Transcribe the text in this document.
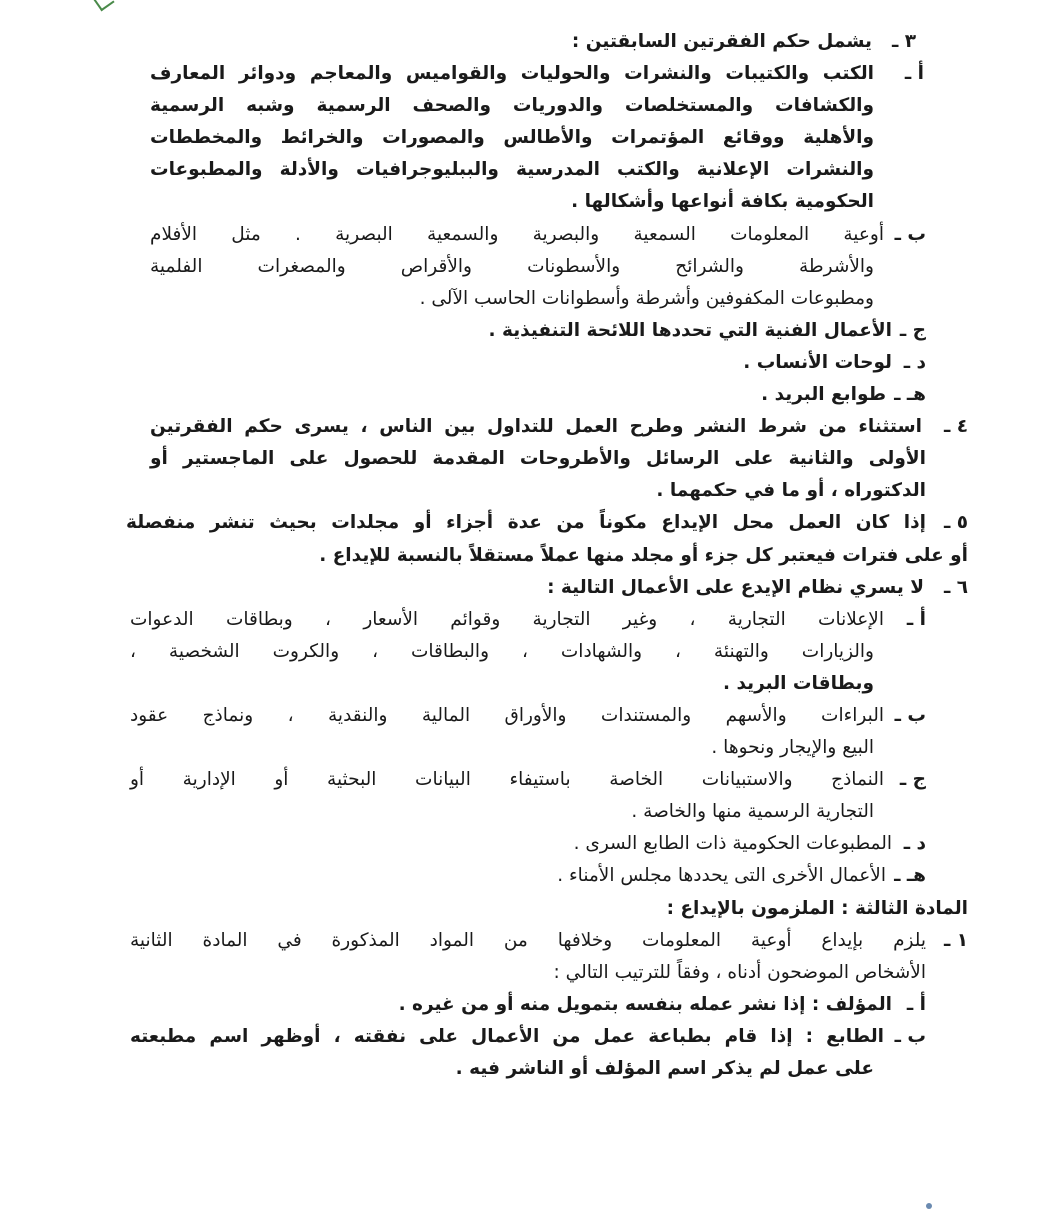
٣ ـ
يشمل حكم الفقرتين السابقتين :
أ ـ
الكتب والكتيبات والنشرات والحوليات والقواميس والمعاجم ودوائر المعارف
والكشافات والمستخلصات والدوريات والصحف الرسمية وشبه الرسمية
والأهلية ووقائع المؤتمرات والأطالس والمصورات والخرائط والمخططات
والنشرات الإعلانية والكتب المدرسية والببليوجرافيات والأدلة والمطبوعات
الحكومية بكافة أنواعها وأشكالها .
ب ـ
أوعية المعلومات السمعية والبصرية والسمعية البصرية . مثل الأفلام
والأشرطة والشرائح والأسطونات والأقراص والمصغرات الفلمية
ومطبوعات المكفوفين وأشرطة وأسطوانات الحاسب الآلى .
ج ـ
الأعمال الفنية التي تحددها اللائحة التنفيذية .
د ـ
لوحات الأنساب .
هـ ـ
طوابع البريد .
٤ ـ
استثناء من شرط النشر وطرح العمل للتداول بين الناس ، يسرى حكم الفقرتين
الأولى والثانية على الرسائل والأطروحات المقدمة للحصول على الماجستير أو
الدكتوراه ، أو ما في حكمهما .
٥ ـ
إذا كان العمل محل الإيداع مكوناً من عدة أجزاء أو مجلدات بحيث تنشر منفصلة
أو على فترات فيعتبر كل جزء أو مجلد منها عملاً مستقلاً بالنسبة للإيداع .
٦ ـ
لا يسري نظام الإيدع على الأعمال التالية :
أ ـ
الإعلانات التجارية ، وغير التجارية وقوائم الأسعار ، وبطاقات الدعوات
والزيارات والتهنئة ، والشهادات ، والبطاقات ، والكروت الشخصية ،
وبطاقات البريد .
ب ـ
البراءات والأسهم والمستندات والأوراق المالية والنقدية ، ونماذج عقود
البيع والإيجار ونحوها .
ج ـ
النماذج والاستبيانات الخاصة باستيفاء البيانات البحثية أو الإدارية أو
التجارية الرسمية منها والخاصة .
د ـ
المطبوعات الحكومية ذات الطابع السرى .
هـ ـ
الأعمال الأخرى التى يحددها مجلس الأمناء .
المادة الثالثة : الملزمون بالإيداع :
١ ـ
يلزم بإيداع أوعية المعلومات وخلافها من المواد المذكورة في المادة الثانية
الأشخاص الموضحون أدناه ، وفقاً للترتيب التالي :
أ ـ
المؤلف : إذا نشر عمله بنفسه بتمويل منه أو من غيره .
ب ـ
الطابع : إذا قام بطباعة عمل من الأعمال على نفقته ، أوظهر اسم مطبعته
على عمل لم يذكر اسم المؤلف أو الناشر فيه .
